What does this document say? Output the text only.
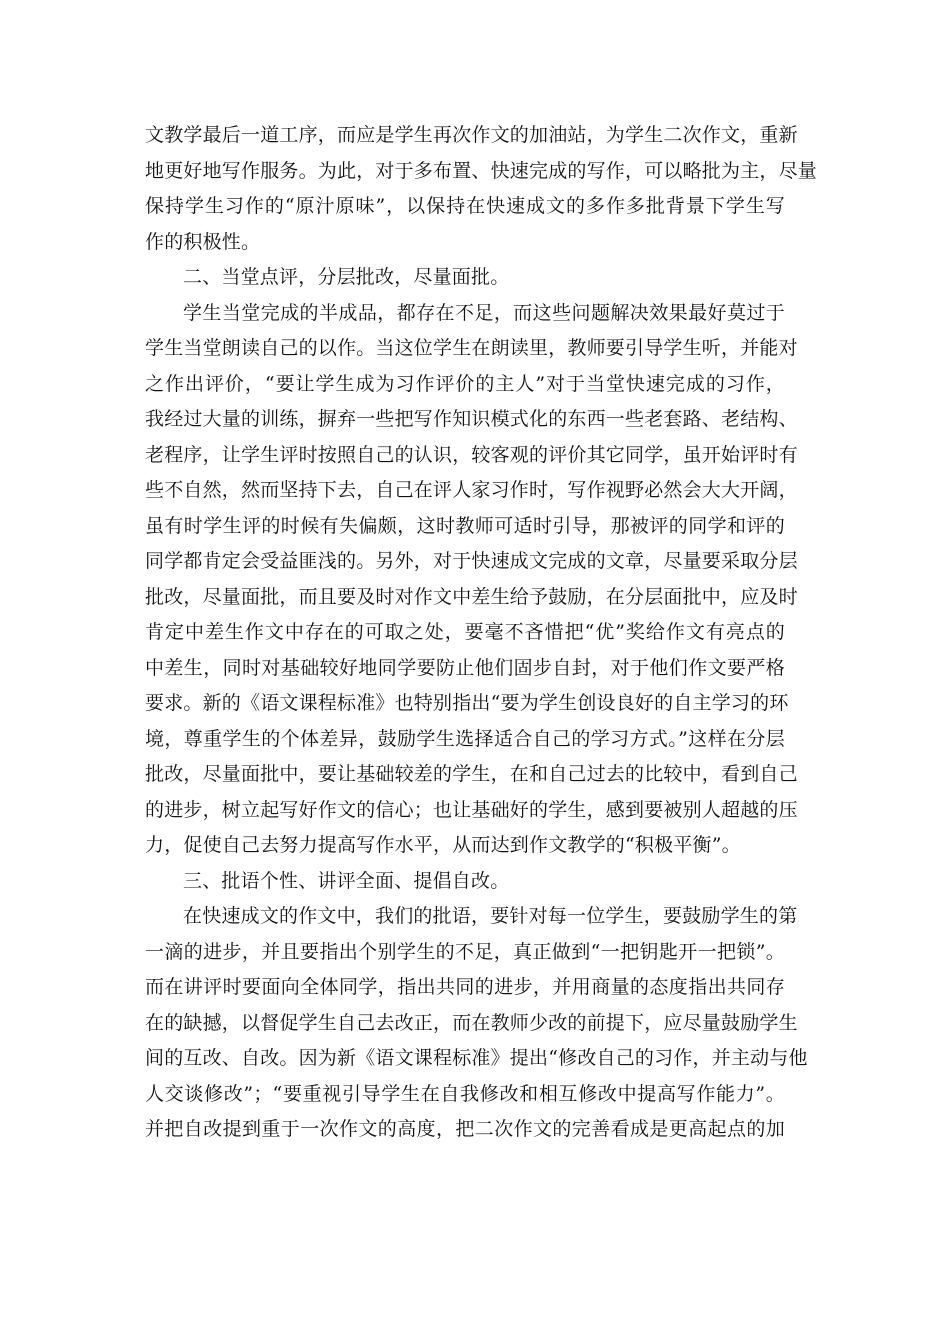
文教学最后一道工序，而应是学生再次作文的加油站，为学生二次作文，重新
地更好地写作服务。为此，对于多布置、快速完成的写作，可以略批为主，尽量
保持学生习作的“原汁原味”，以保持在快速成文的多作多批背景下学生写
作的积极性。
二、当堂点评，分层批改，尽量面批。
学生当堂完成的半成品，都存在不足，而这些问题解决效果最好莫过于
学生当堂朗读自己的以作。当这位学生在朗读里，教师要引导学生听，并能对
之作出评价，“要让学生成为习作评价的主人”对于当堂快速完成的习作，
我经过大量的训练，摒弃一些把写作知识模式化的东西一些老套路、老结构、
老程序，让学生评时按照自己的认识，较客观的评价其它同学，虽开始评时有
些不自然，然而坚持下去，自己在评人家习作时，写作视野必然会大大开阔，
虽有时学生评的时候有失偏颇，这时教师可适时引导，那被评的同学和评的
同学都肯定会受益匪浅的。另外，对于快速成文完成的文章，尽量要采取分层
批改，尽量面批，而且要及时对作文中差生给予鼓励，在分层面批中，应及时
肯定中差生作文中存在的可取之处，要毫不吝惜把“优”奖给作文有亮点的
中差生，同时对基础较好地同学要防止他们固步自封，对于他们作文要严格
要求。新的《语文课程标准》也特别指出“要为学生创设良好的自主学习的环
境，尊重学生的个体差异，鼓励学生选择适合自己的学习方式。”这样在分层
批改，尽量面批中，要让基础较差的学生，在和自己过去的比较中，看到自己
的进步，树立起写好作文的信心；也让基础好的学生，感到要被别人超越的压
力，促使自己去努力提高写作水平，从而达到作文教学的“积极平衡”。
三、批语个性、讲评全面、提倡自改。
在快速成文的作文中，我们的批语，要针对每一位学生，要鼓励学生的第
一滴的进步，并且要指出个别学生的不足，真正做到“一把钥匙开一把锁”。
而在讲评时要面向全体同学，指出共同的进步，并用商量的态度指出共同存
在的缺撼，以督促学生自己去改正，而在教师少改的前提下，应尽量鼓励学生
间的互改、自改。因为新《语文课程标准》提出“修改自己的习作，并主动与他
人交谈修改”；“要重视引导学生在自我修改和相互修改中提高写作能力”。
并把自改提到重于一次作文的高度，把二次作文的完善看成是更高起点的加
